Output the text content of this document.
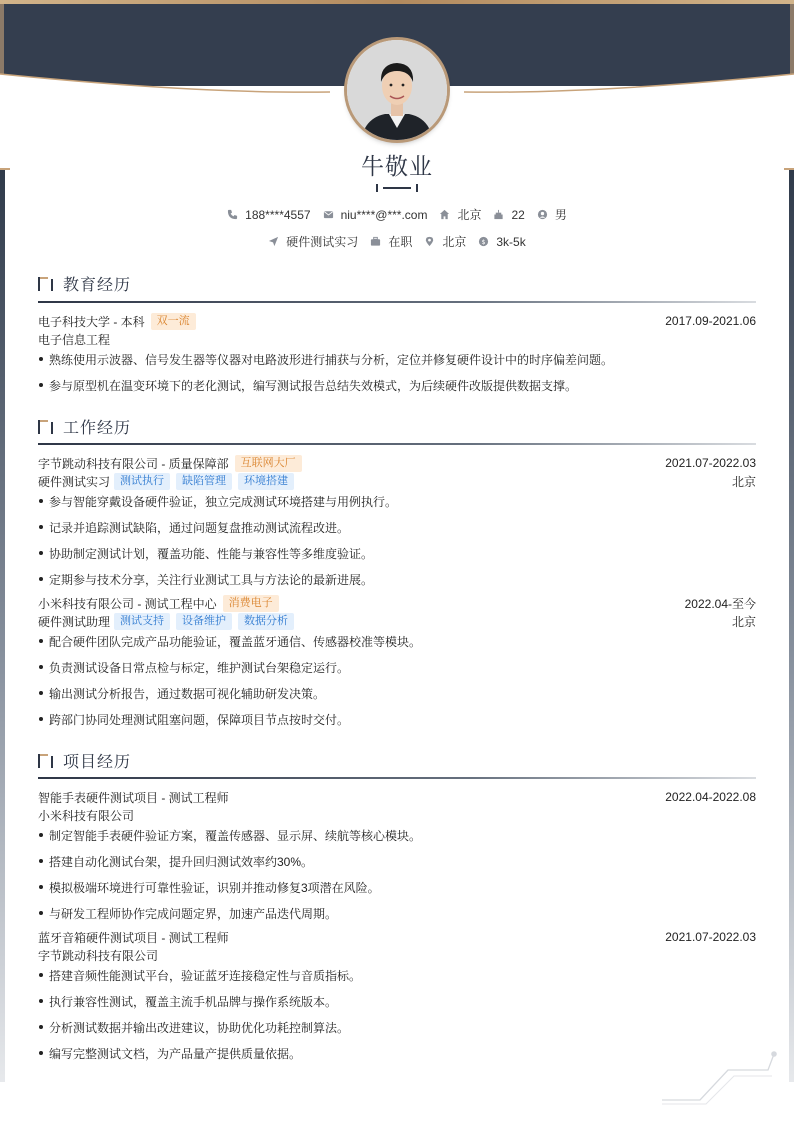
牛敬业
188****4557	niu****@***.com	北京	22	男
硬件测试实习	在职	北京 $ 3k-5k
教育经历
电子科技大学 - 本科	双一流	2017.09-2021.06
电子信息工程
熟练使用示波器、信号发生器等仪器对电路波形进行捕获与分析，定位并修复硬件设计中的时序偏差问题。
参与原型机在温变环境下的老化测试，编写测试报告总结失效模式，为后续硬件改版提供数据支撑。
工作经历
字节跳动科技有限公司 - 质量保障部	互联网大厂	2021.07-2022.03
硬件测试实习 测试执行	缺陷管理	环境搭建	北京
参与智能穿戴设备硬件验证，独立完成测试环境搭建与用例执行。
记录并追踪测试缺陷，通过问题复盘推动测试流程改进。
协助制定测试计划，覆盖功能、性能与兼容性等多维度验证。
定期参与技术分享，关注行业测试工具与方法论的最新进展。
小米科技有限公司 - 测试工程中心	消费电子	2022.04-至今
硬件测试助理 测试支持	设备维护	数据分析	北京
配合硬件团队完成产品功能验证，覆盖蓝牙通信、传感器校准等模块。
负责测试设备日常点检与标定，维护测试台架稳定运行。
输出测试分析报告，通过数据可视化辅助研发决策。
跨部门协同处理测试阻塞问题，保障项目节点按时交付。
项目经历
智能手表硬件测试项目 - 测试工程师	2022.04-2022.08
小米科技有限公司
制定智能手表硬件验证方案，覆盖传感器、显示屏、续航等核心模块。
搭建自动化测试台架，提升回归测试效率约30%。
模拟极端环境进行可靠性验证，识别并推动修复3项潜在风险。
与研发工程师协作完成问题定界，加速产品迭代周期。
蓝牙音箱硬件测试项目 - 测试工程师	2021.07-2022.03
字节跳动科技有限公司
搭建音频性能测试平台，验证蓝牙连接稳定性与音质指标。
执行兼容性测试，覆盖主流手机品牌与操作系统版本。
分析测试数据并输出改进建议，协助优化功耗控制算法。
编写完整测试文档，为产品量产提供质量依据。
